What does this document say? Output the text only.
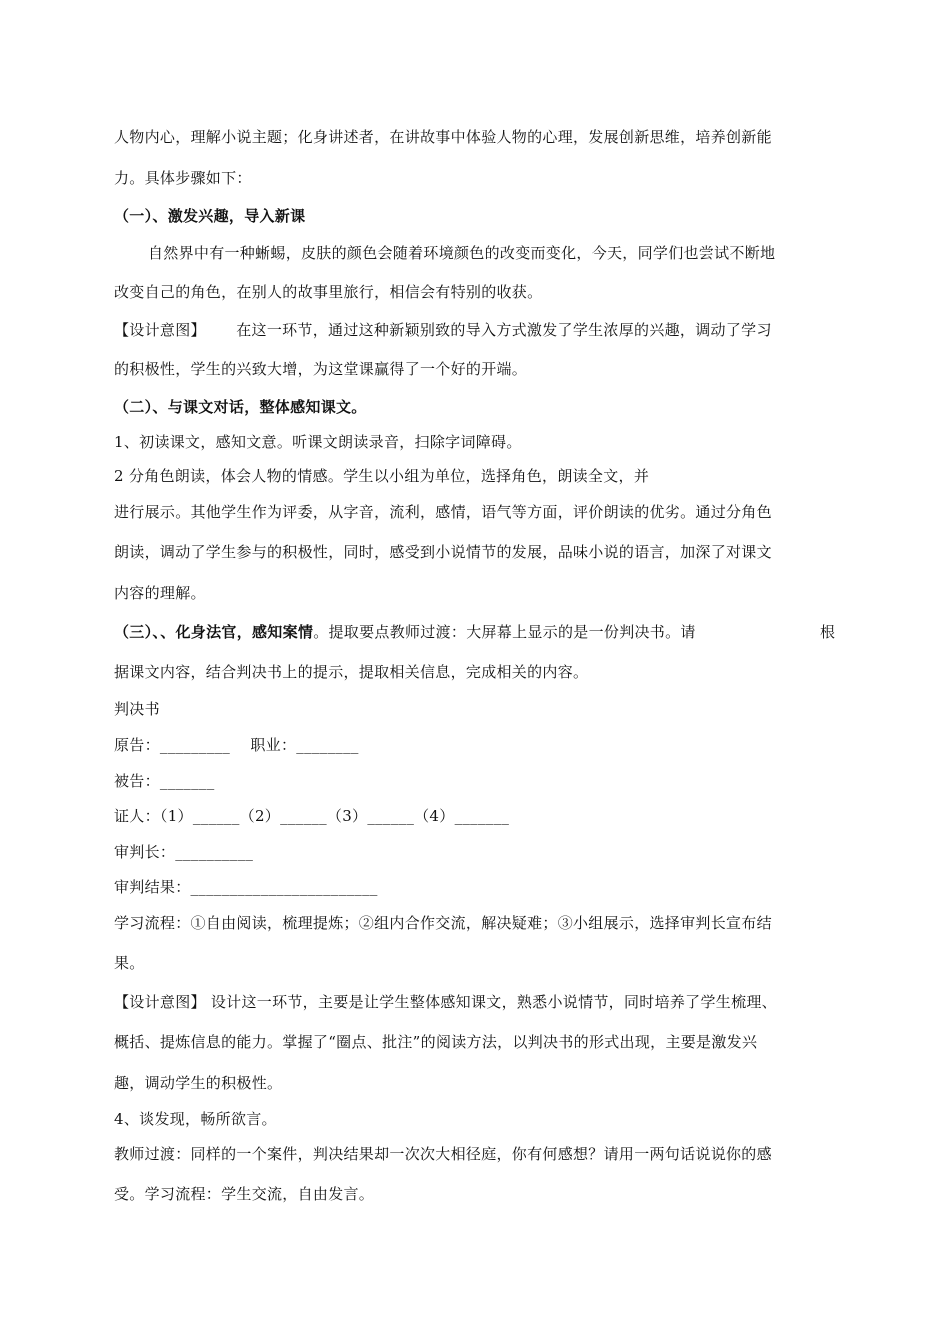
人物内心，理解小说主题；化身讲述者，在讲故事中体验人物的心理，发展创新思维，培养创新能
力。具体步骤如下：
（一）、激发兴趣，导入新课
自然界中有一种蜥蜴，皮肤的颜色会随着环境颜色的改变而变化，今天，同学们也尝试不断地
改变自己的角色，在别人的故事里旅行，相信会有特别的收获。
【设计意图】 在这一环节，通过这种新颖别致的导入方式激发了学生浓厚的兴趣，调动了学习
的积极性，学生的兴致大增，为这堂课赢得了一个好的开端。
（二）、与课文对话，整体感知课文。
1、初读课文，感知文意。听课文朗读录音，扫除字词障碍。
2 分角色朗读，体会人物的情感。学生以小组为单位，选择角色，朗读全文，并
进行展示。其他学生作为评委，从字音，流利，感情，语气等方面，评价朗读的优劣。通过分角色
朗读，调动了学生参与的积极性，同时，感受到小说情节的发展，品味小说的语言，加深了对课文
内容的理解。
（三）、、化身法官，感知案情。提取要点教师过渡：大屏幕上显示的是一份判决书。请	根
据课文内容，结合判决书上的提示，提取相关信息，完成相关的内容。
判决书
原告：_________    职业：________
被告：_______
证人：（1）______（2）______（3）______（4）_______
审判长：__________
审判结果：________________________
学习流程：①自由阅读，梳理提炼；②组内合作交流，解决疑难；③小组展示，选择审判长宣布结
果。
【设计意图】 设计这一环节，主要是让学生整体感知课文，熟悉小说情节，同时培养了学生梳理、
概括、提炼信息的能力。掌握了“圈点、批注”的阅读方法，以判决书的形式出现，主要是激发兴
趣，调动学生的积极性。
4、谈发现，畅所欲言。
教师过渡：同样的一个案件，判决结果却一次次大相径庭，你有何感想？请用一两句话说说你的感
受。学习流程：学生交流，自由发言。
